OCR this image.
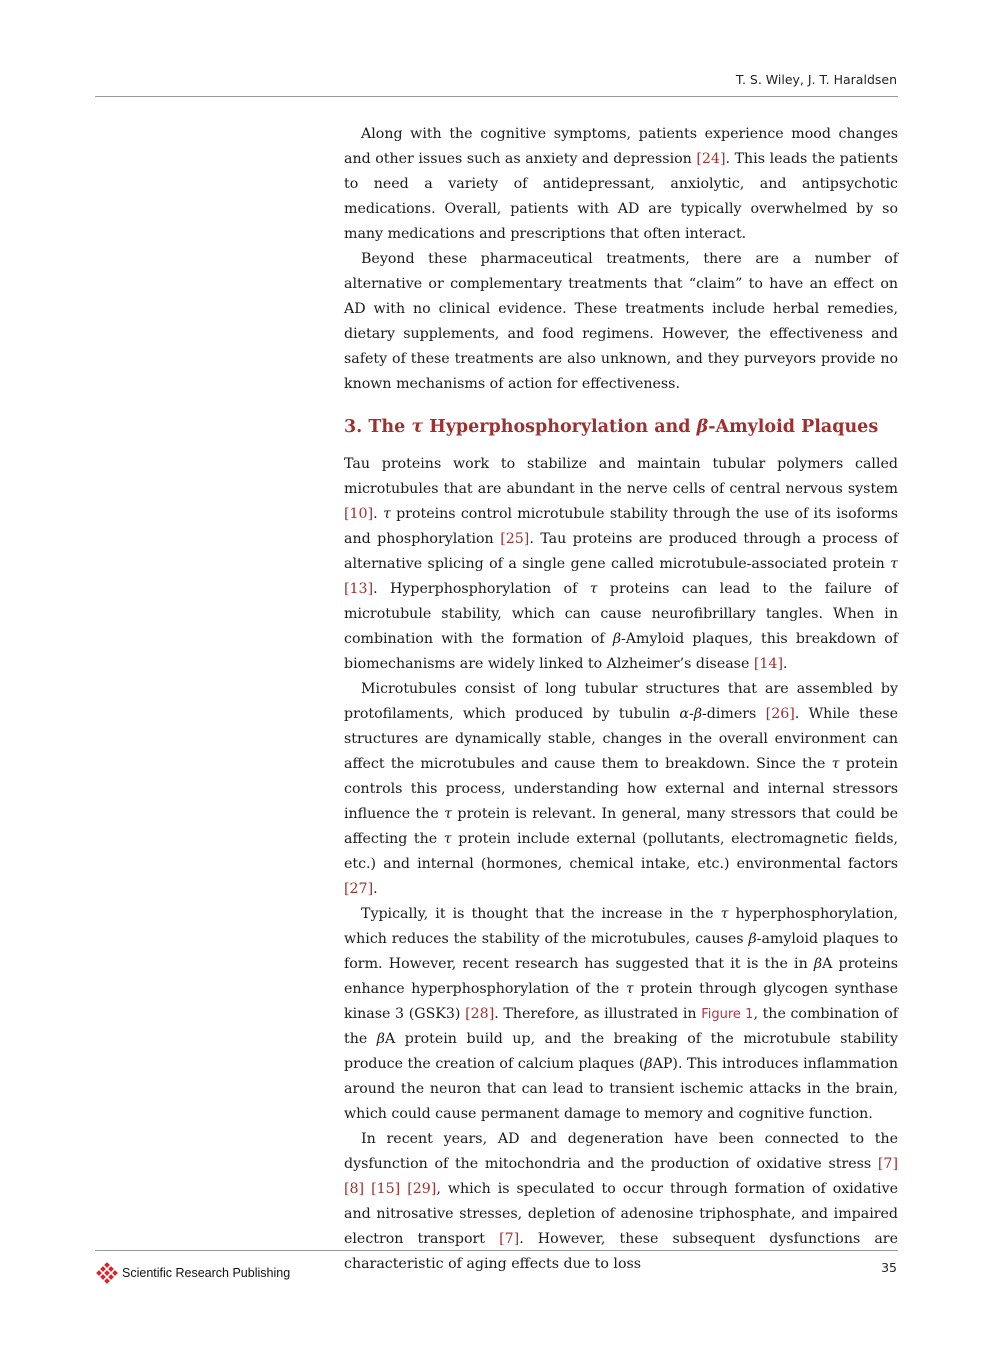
T. S. Wiley, J. T. Haraldsen

Along with the cognitive symptoms, patients experience mood changes and other issues such as anxiety and depression [24]. This leads the patients to need a variety of antidepressant, anxiolytic, and antipsychotic medications. Overall, patients with AD are typically overwhelmed by so many medications and prescriptions that often interact.

Beyond these pharmaceutical treatments, there are a number of alternative or complementary treatments that “claim” to have an effect on AD with no clinical evidence. These treatments include herbal remedies, dietary supplements, and food regimens. However, the effectiveness and safety of these treatments are also unknown, and they purveyors provide no known mechanisms of action for effectiveness.

3. The τ Hyperphosphorylation and β-Amyloid Plaques

Tau proteins work to stabilize and maintain tubular polymers called microtubules that are abundant in the nerve cells of central nervous system [10]. τ proteins control microtubule stability through the use of its isoforms and phosphorylation [25]. Tau proteins are produced through a process of alternative splicing of a single gene called microtubule-associated protein τ [13]. Hyperphosphorylation of τ proteins can lead to the failure of microtubule stability, which can cause neurofibrillary tangles. When in combination with the formation of β-Amyloid plaques, this breakdown of biomechanisms are widely linked to Alzheimer’s disease [14].

Microtubules consist of long tubular structures that are assembled by protofilaments, which produced by tubulin α-β-dimers [26]. While these structures are dynamically stable, changes in the overall environment can affect the microtubules and cause them to breakdown. Since the τ protein controls this process, understanding how external and internal stressors influence the τ protein is relevant. In general, many stressors that could be affecting the τ protein include external (pollutants, electromagnetic fields, etc.) and internal (hormones, chemical intake, etc.) environmental factors [27].

Typically, it is thought that the increase in the τ hyperphosphorylation, which reduces the stability of the microtubules, causes β-amyloid plaques to form. However, recent research has suggested that it is the in βA proteins enhance hyperphosphorylation of the τ protein through glycogen synthase kinase 3 (GSK3) [28]. Therefore, as illustrated in Figure 1, the combination of the βA protein build up, and the breaking of the microtubule stability produce the creation of calcium plaques (βAP). This introduces inflammation around the neuron that can lead to transient ischemic attacks in the brain, which could cause permanent damage to memory and cognitive function.

In recent years, AD and degeneration have been connected to the dysfunction of the mitochondria and the production of oxidative stress [7] [8] [15] [29], which is speculated to occur through formation of oxidative and nitrosative stresses, depletion of adenosine triphosphate, and impaired electron transport [7]. However, these subsequent dysfunctions are characteristic of aging effects due to loss

Scientific Research Publishing	35
